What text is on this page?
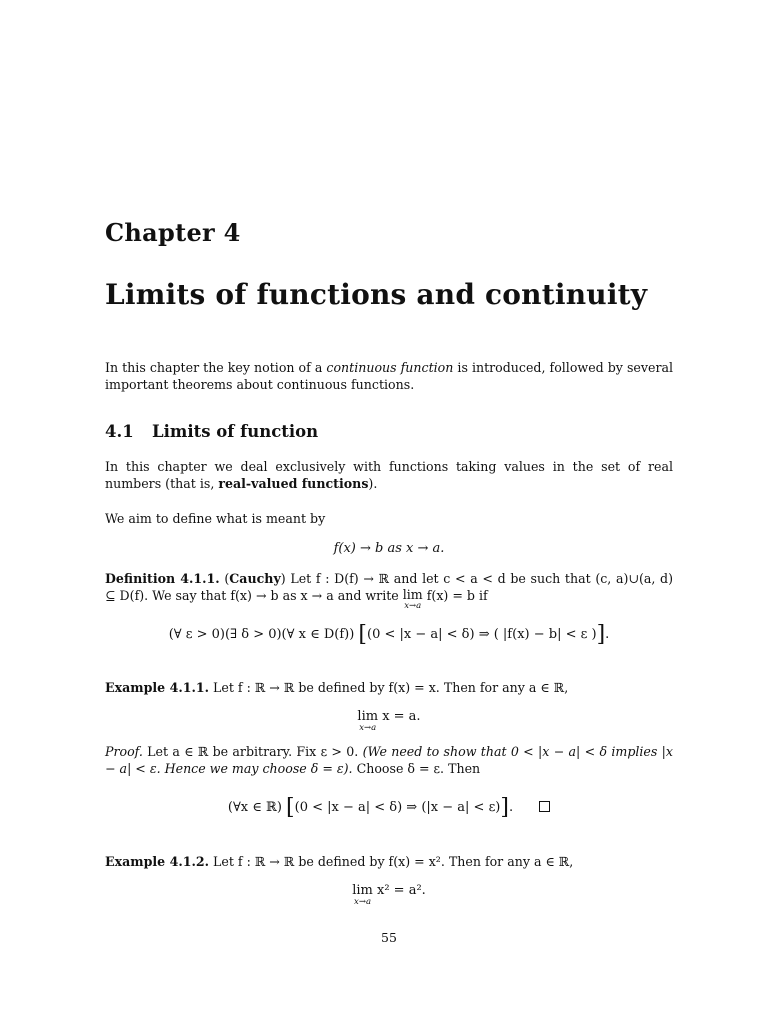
Chapter 4
Limits of functions and continuity
In this chapter the key notion of a continuous function is introduced, followed by several important theorems about continuous functions.
4.1 Limits of function
In this chapter we deal exclusively with functions taking values in the set of real numbers (that is, real-valued functions).
We aim to define what is meant by
f(x) → b as x → a.
Definition 4.1.1. (Cauchy) Let f : D(f) → ℝ and let c < a < d be such that (c, a)∪(a, d) ⊆ D(f). We say that f(x) → b as x → a and write lim
x→a
f(x) = b if
(∀ ε > 0)(∃ δ > 0)(∀ x ∈ D(f)) [(0 < |x − a| < δ) ⇒ ( |f(x) − b| < ε )].
Example 4.1.1. Let f : ℝ → ℝ be defined by f(x) = x. Then for any a ∈ ℝ,
lim
x→a
x = a.
Proof. Let a ∈ ℝ be arbitrary. Fix ε > 0. (We need to show that 0 < |x − a| < δ implies |x − a| < ε. Hence we may choose δ = ε). Choose δ = ε. Then
(∀x ∈ ℝ) [(0 < |x − a| < δ) ⇒ (|x − a| < ε)].
Example 4.1.2. Let f : ℝ → ℝ be defined by f(x) = x². Then for any a ∈ ℝ,
lim
x→a
x² = a².
55
